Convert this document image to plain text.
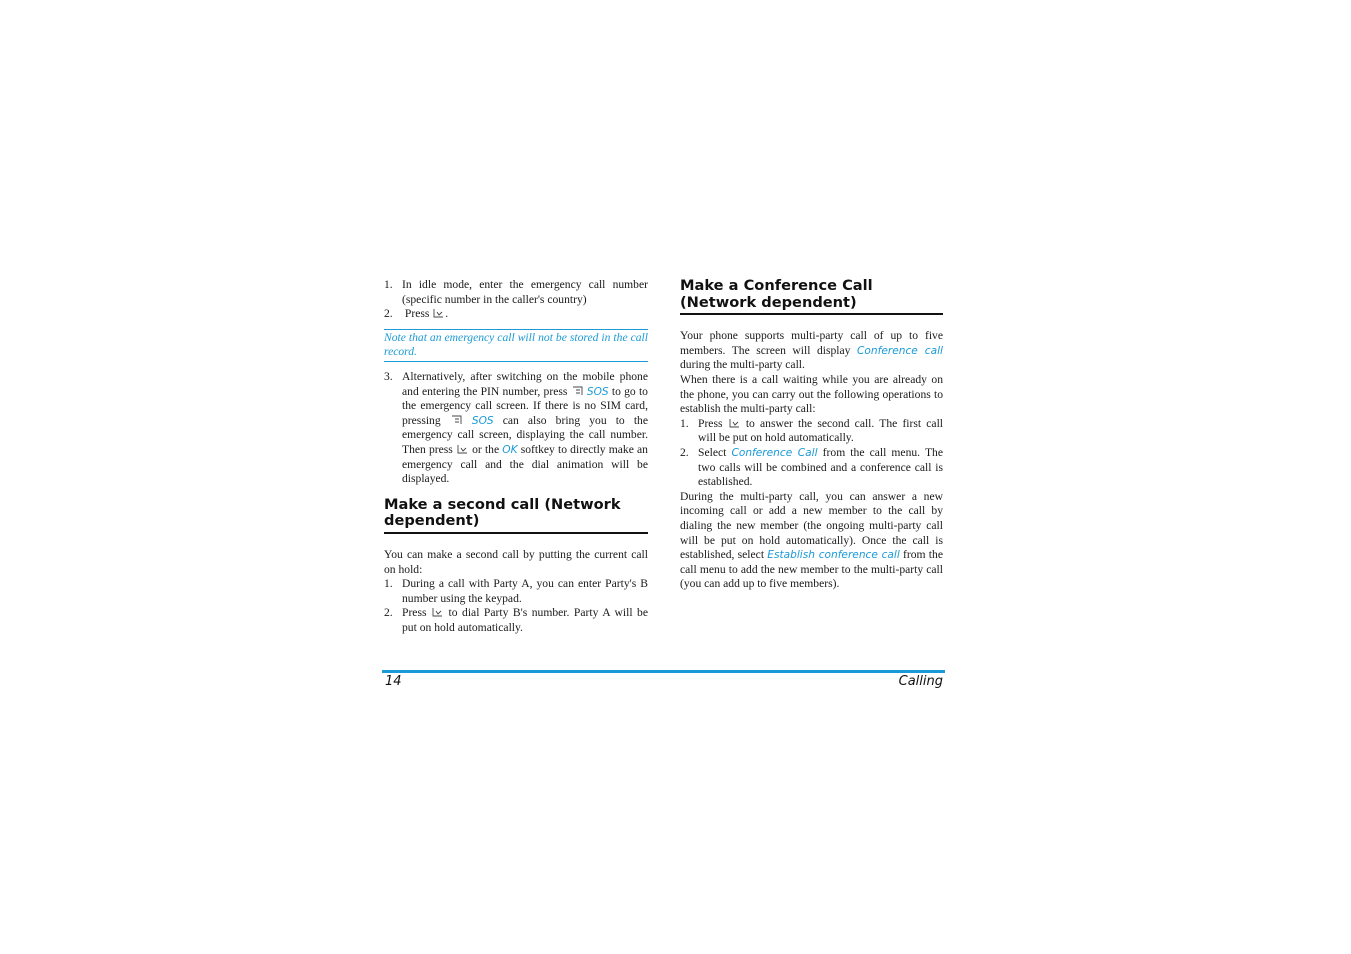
1. In idle mode, enter the emergency call number (specific number in the caller's country)
2. Press .
Note that an emergency call will not be stored in the call record.
3. Alternatively, after switching on the mobile phone and entering the PIN number, press SOS to go to the emergency call screen. If there is no SIM card, pressing	SOS can also bring you to the emergency call screen, displaying the call number. Then press or the OK softkey to directly make an emergency call and the dial animation will be displayed.
Make a second call (Network dependent)

You can make a second call by putting the current call on hold:

1. During a call with Party A, you can enter Party's B number using the keypad.
2. Press to dial Party B's number. Party A will be put on hold automatically.
Make a Conference Call (Network dependent)

Your phone supports multi-party call of up to five members. The screen will display Conference call during the multi-party call.

When there is a call waiting while you are already on the phone, you can carry out the following operations to establish the multi-party call:

1. Press to answer the second call. The first call will be put on hold automatically.
2. Select Conference Call from the call menu. The two calls will be combined and a conference call is established.

During the multi-party call, you can answer a new incoming call or add a new member to the call by dialing the new member (the ongoing multi-party call will be put on hold automatically). Once the call is established, select Establish conference call from the call menu to add the new member to the multi-party call (you can add up to five members).

14	Calling
